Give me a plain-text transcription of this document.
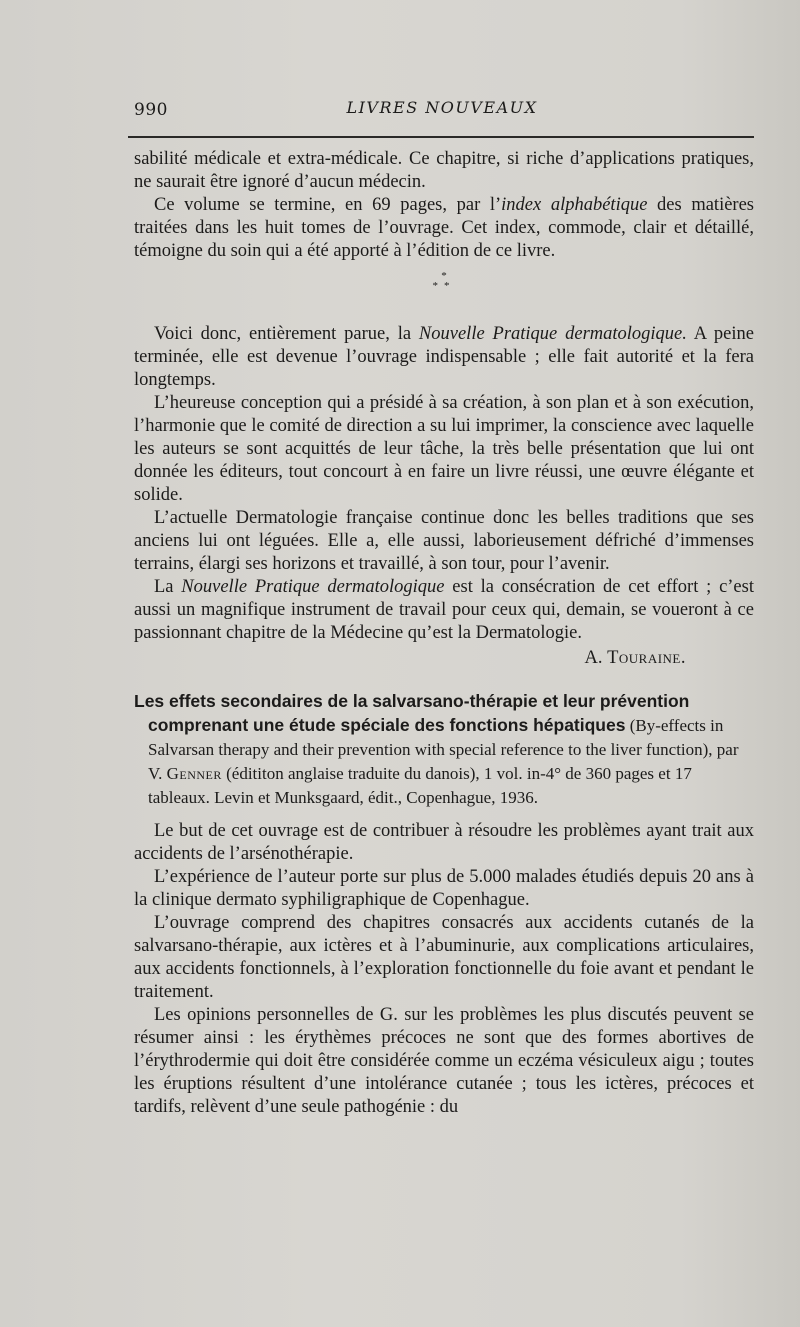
990	LIVRES NOUVEAUX

sabilité médicale et extra-médicale. Ce chapitre, si riche d’applications pratiques, ne saurait être ignoré d’aucun médecin.

Ce volume se termine, en 69 pages, par l’index alphabétique des matières traitées dans les huit tomes de l’ouvrage. Cet index, commode, clair et détaillé, témoigne du soin qui a été apporté à l’édition de ce livre.

*
**

Voici donc, entièrement parue, la Nouvelle Pratique dermatologique. A peine terminée, elle est devenue l’ouvrage indispensable ; elle fait autorité et la fera longtemps.

L’heureuse conception qui a présidé à sa création, à son plan et à son exécution, l’harmonie que le comité de direction a su lui imprimer, la conscience avec laquelle les auteurs se sont acquittés de leur tâche, la très belle présentation que lui ont donnée les éditeurs, tout concourt à en faire un livre réussi, une œuvre élégante et solide.

L’actuelle Dermatologie française continue donc les belles traditions que ses anciens lui ont léguées. Elle a, elle aussi, laborieusement défriché d’immenses terrains, élargi ses horizons et travaillé, à son tour, pour l’avenir.

La Nouvelle Pratique dermatologique est la consécration de cet effort ; c’est aussi un magnifique instrument de travail pour ceux qui, demain, se voueront à ce passionnant chapitre de la Médecine qu’est la Dermatologie.

A. Touraine.

Les effets secondaires de la salvarsano-thérapie et leur prévention comprenant une étude spéciale des fonctions hépatiques (By-effects in Salvarsan therapy and their prevention with special reference to the liver function), par V. Genner (édititon anglaise traduite du danois), 1 vol. in-4° de 360 pages et 17 tableaux. Levin et Munksgaard, édit., Copenhague, 1936.

Le but de cet ouvrage est de contribuer à résoudre les problèmes ayant trait aux accidents de l’arsénothérapie.

L’expérience de l’auteur porte sur plus de 5.000 malades étudiés depuis 20 ans à la clinique dermato syphiligraphique de Copenhague.

L’ouvrage comprend des chapitres consacrés aux accidents cutanés de la salvarsano-thérapie, aux ictères et à l’abuminurie, aux complications articulaires, aux accidents fonctionnels, à l’exploration fonctionnelle du foie avant et pendant le traitement.

Les opinions personnelles de G. sur les problèmes les plus discutés peuvent se résumer ainsi : les érythèmes précoces ne sont que des formes abortives de l’érythrodermie qui doit être considérée comme un eczéma vésiculeux aigu ; toutes les éruptions résultent d’une intolérance cutanée ; tous les ictères, précoces et tardifs, relèvent d’une seule pathogénie : du
